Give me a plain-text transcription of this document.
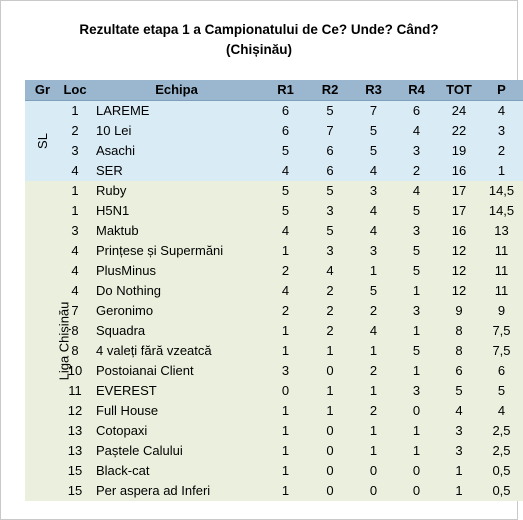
Rezultate etapa 1 a Campionatului de Ce? Unde? Când?
(Chișinău)
Gr	Loc	Echipa	R1	R2	R3	R4	TOT	P
SL	1	LAREME	6	5	7	6	24	4
	2	10 Lei	6	7	5	4	22	3
	3	Asachi	5	6	5	3	19	2
	4	SER	4	6	4	2	16	1
Liga Chișinău	1	Ruby	5	5	3	4	17	14,5
	1	H5N1	5	3	4	5	17	14,5
	3	Maktub	4	5	4	3	16	13
	4	Prințese și Supermăni	1	3	3	5	12	11
	4	PlusMinus	2	4	1	5	12	11
	4	Do Nothing	4	2	5	1	12	11
	7	Geronimo	2	2	2	3	9	9
	8	Squadra	1	2	4	1	8	7,5
	8	4 valeți fără vzeatcă	1	1	1	5	8	7,5
	10	Postoianai Client	3	0	2	1	6	6
	11	EVEREST	0	1	1	3	5	5
	12	Full House	1	1	2	0	4	4
	13	Cotopaxi	1	0	1	1	3	2,5
	13	Paștele Calului	1	0	1	1	3	2,5
	15	Black-cat	1	0	0	0	1	0,5
	15	Per aspera ad Inferi	1	0	0	0	1	0,5
